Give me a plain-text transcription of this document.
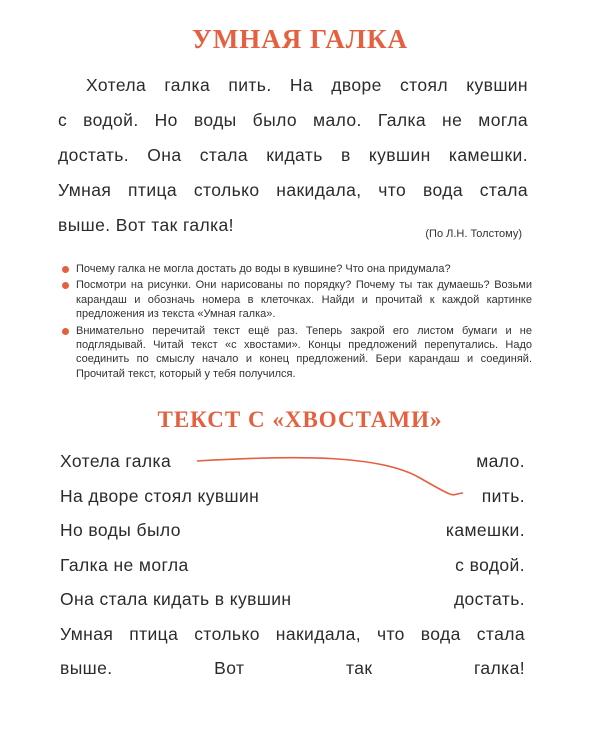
УМНАЯ ГАЛКА
Хотела галка пить. На дворе стоял кувшин
с водой. Но воды было мало. Галка не могла
достать. Она стала кидать в кувшин камешки.
Умная птица столько накидала, что вода стала
выше. Вот так галка!	(По Л.Н. Толстому)
Почему галка не могла достать до воды в кувшине? Что она придумала?
Посмотри на рисунки. Они нарисованы по порядку? Почему ты так думаешь? Возьми карандаш и обозначь номера в клеточках. Найди и прочитай к каждой картинке предложения из текста «Умная галка».
Внимательно перечитай текст ещё раз. Теперь закрой его листом бумаги и не подглядывай. Читай текст «с хвостами». Концы предложений перепутались. Надо соединить по смыслу начало и конец предложений. Бери карандаш и соединяй. Прочитай текст, который у тебя получился.
ТЕКСТ С «ХВОСТАМИ»
Хотела галка	мало.
На дворе стоял кувшин	пить.
Но воды было	камешки.
Галка не могла	с водой.
Она стала кидать в кувшин	достать.
Умная птица столько накидала, что вода стала
выше. Вот так галка!
